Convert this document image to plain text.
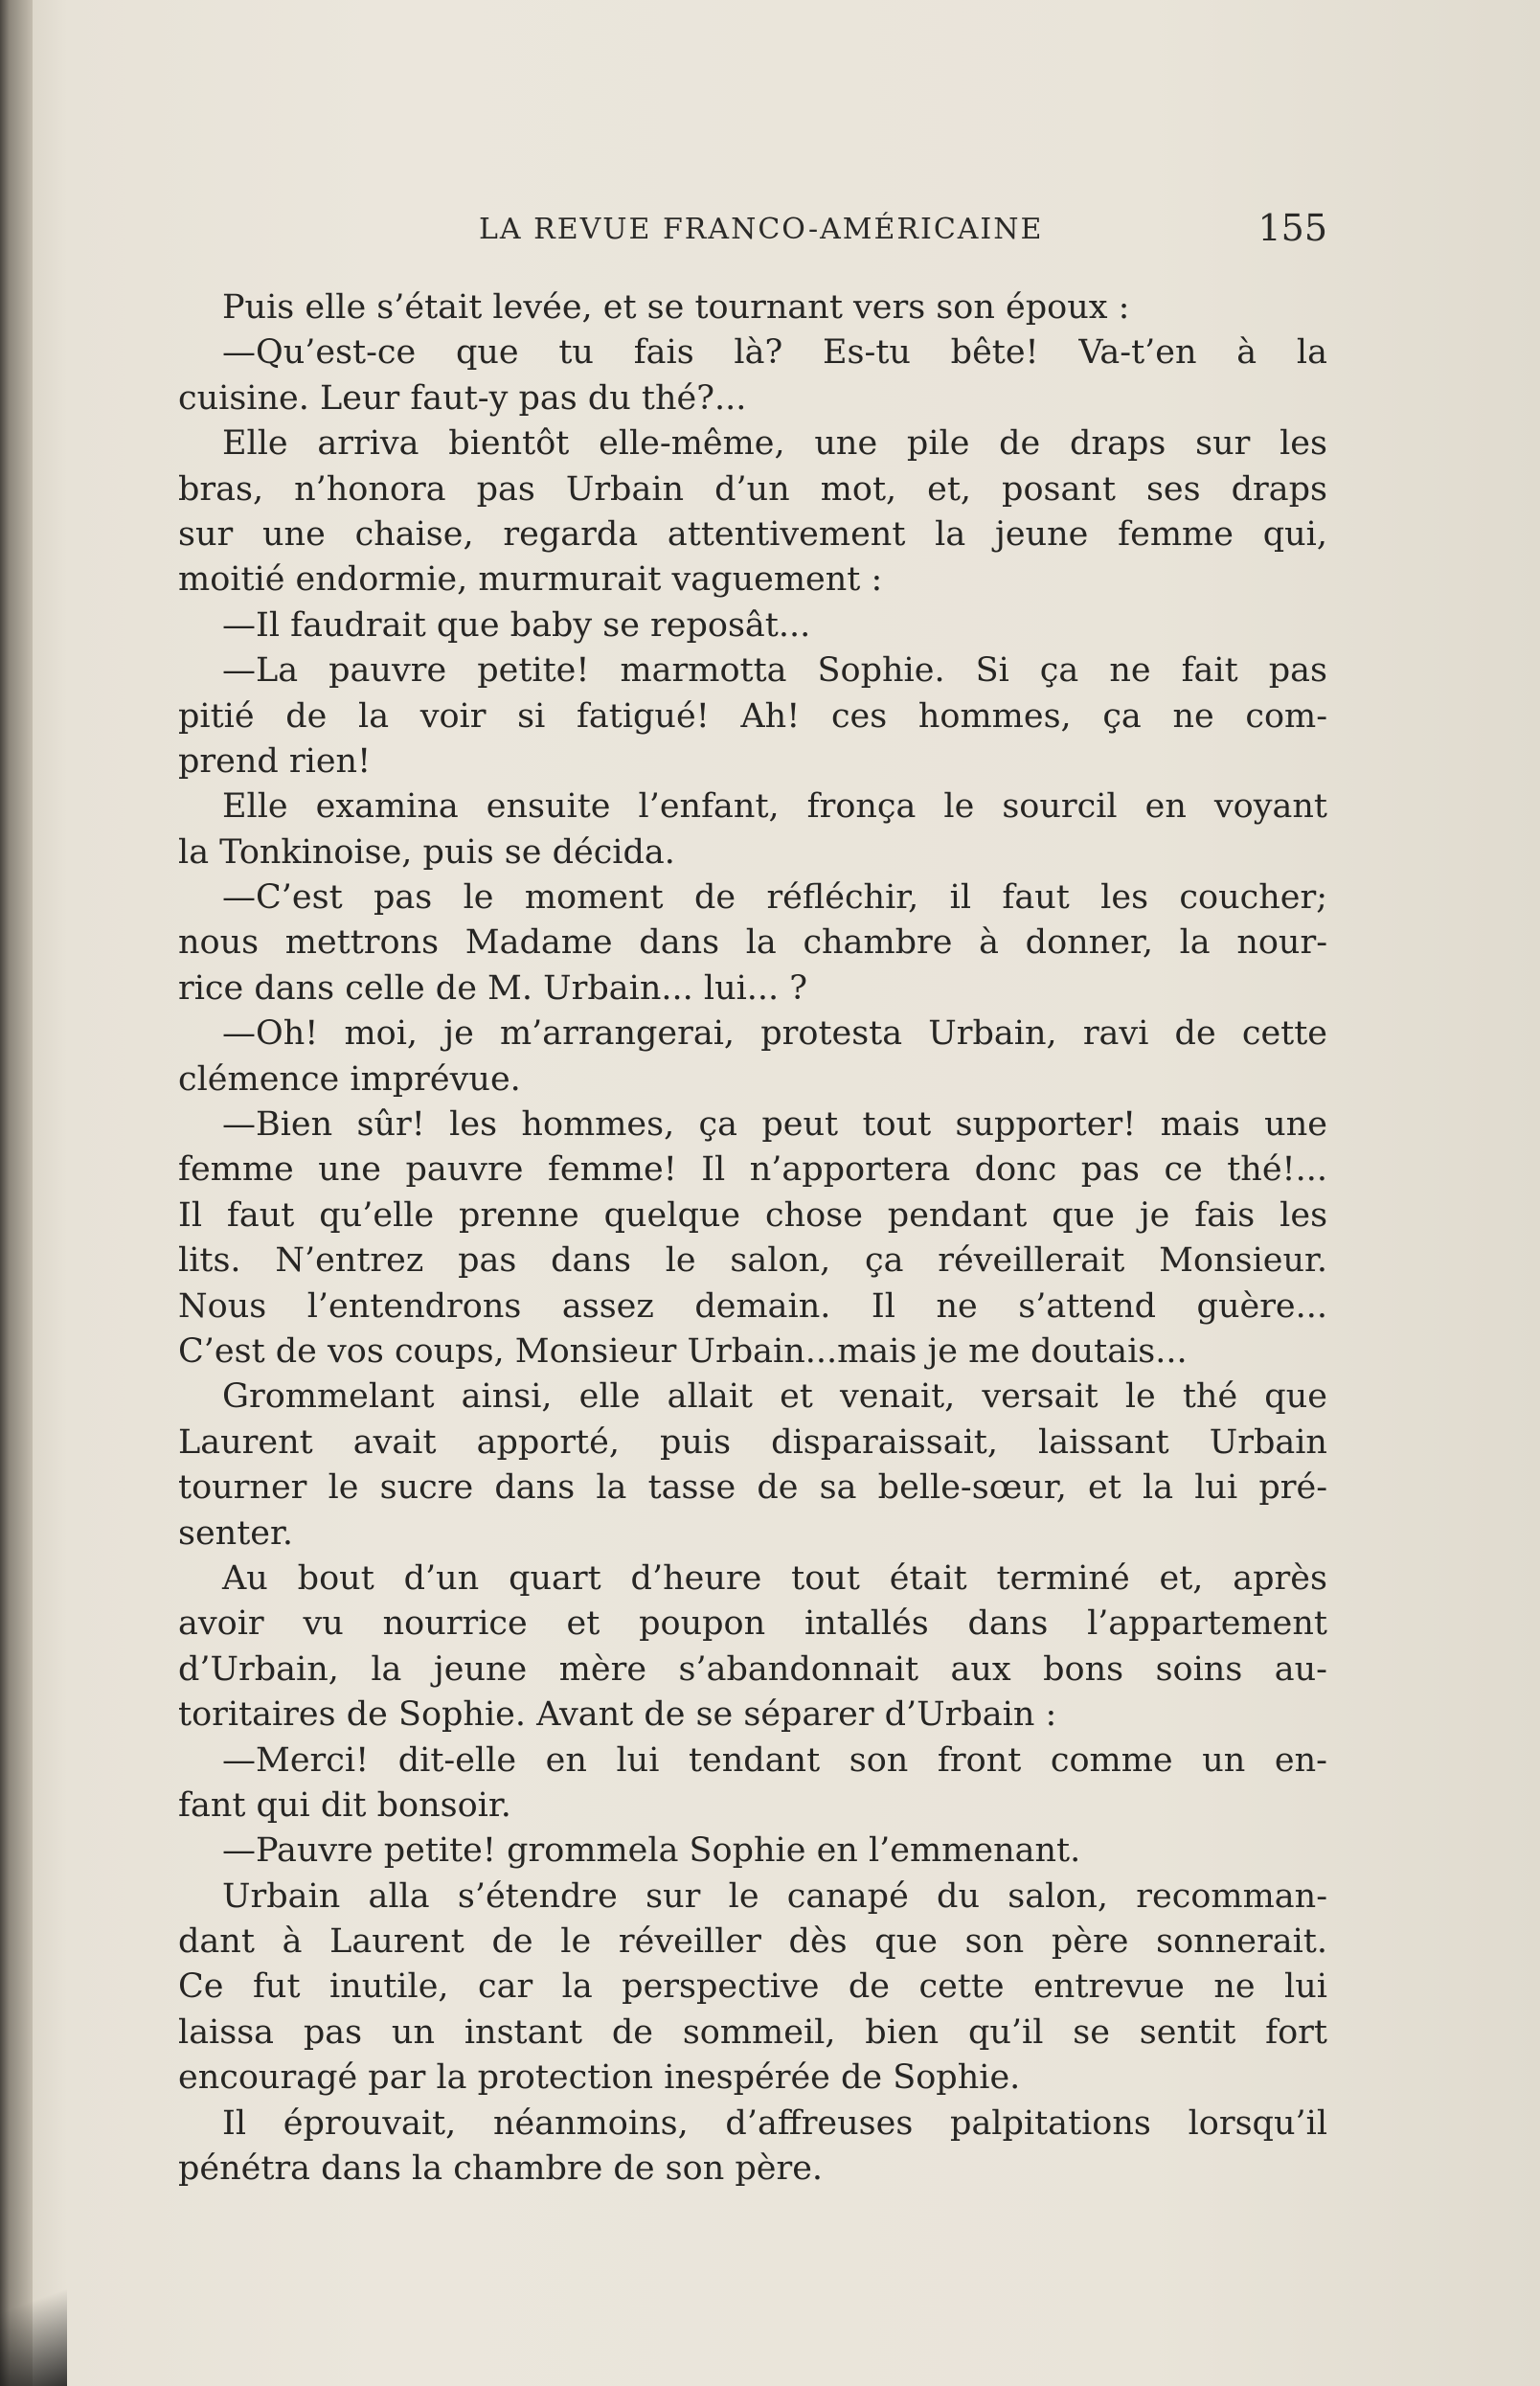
LA REVUE FRANCO-AMÉRICAINE	155
Puis elle s’était levée, et se tournant vers son époux :
—Qu’est-ce que tu fais là? Es-tu bête! Va-t’en à la
cuisine. Leur faut-y pas du thé?...
Elle arriva bientôt elle-même, une pile de draps sur les
bras, n’honora pas Urbain d’un mot, et, posant ses draps
sur une chaise, regarda attentivement la jeune femme qui,
moitié endormie, murmurait vaguement :
—Il faudrait que baby se reposât...
—La pauvre petite! marmotta Sophie. Si ça ne fait pas
pitié de la voir si fatigué! Ah! ces hommes, ça ne com-
prend rien!
Elle examina ensuite l’enfant, fronça le sourcil en voyant
la Tonkinoise, puis se décida.
—C’est pas le moment de réfléchir, il faut les coucher;
nous mettrons Madame dans la chambre à donner, la nour-
rice dans celle de M. Urbain... lui... ?
—Oh! moi, je m’arrangerai, protesta Urbain, ravi de cette
clémence imprévue.
—Bien sûr! les hommes, ça peut tout supporter! mais une
femme une pauvre femme! Il n’apportera donc pas ce thé!...
Il faut qu’elle prenne quelque chose pendant que je fais les
lits. N’entrez pas dans le salon, ça réveillerait Monsieur.
Nous l’entendrons assez demain. Il ne s’attend guère...
C’est de vos coups, Monsieur Urbain...mais je me doutais...
Grommelant ainsi, elle allait et venait, versait le thé que
Laurent avait apporté, puis disparaissait, laissant Urbain
tourner le sucre dans la tasse de sa belle-sœur, et la lui pré-
senter.
Au bout d’un quart d’heure tout était terminé et, après
avoir vu nourrice et poupon intallés dans l’appartement
d’Urbain, la jeune mère s’abandonnait aux bons soins au-
toritaires de Sophie. Avant de se séparer d’Urbain :
—Merci! dit-elle en lui tendant son front comme un en-
fant qui dit bonsoir.
—Pauvre petite! grommela Sophie en l’emmenant.
Urbain alla s’étendre sur le canapé du salon, recomman-
dant à Laurent de le réveiller dès que son père sonnerait.
Ce fut inutile, car la perspective de cette entrevue ne lui
laissa pas un instant de sommeil, bien qu’il se sentit fort
encouragé par la protection inespérée de Sophie.
Il éprouvait, néanmoins, d’affreuses palpitations lorsqu’il
pénétra dans la chambre de son père.
